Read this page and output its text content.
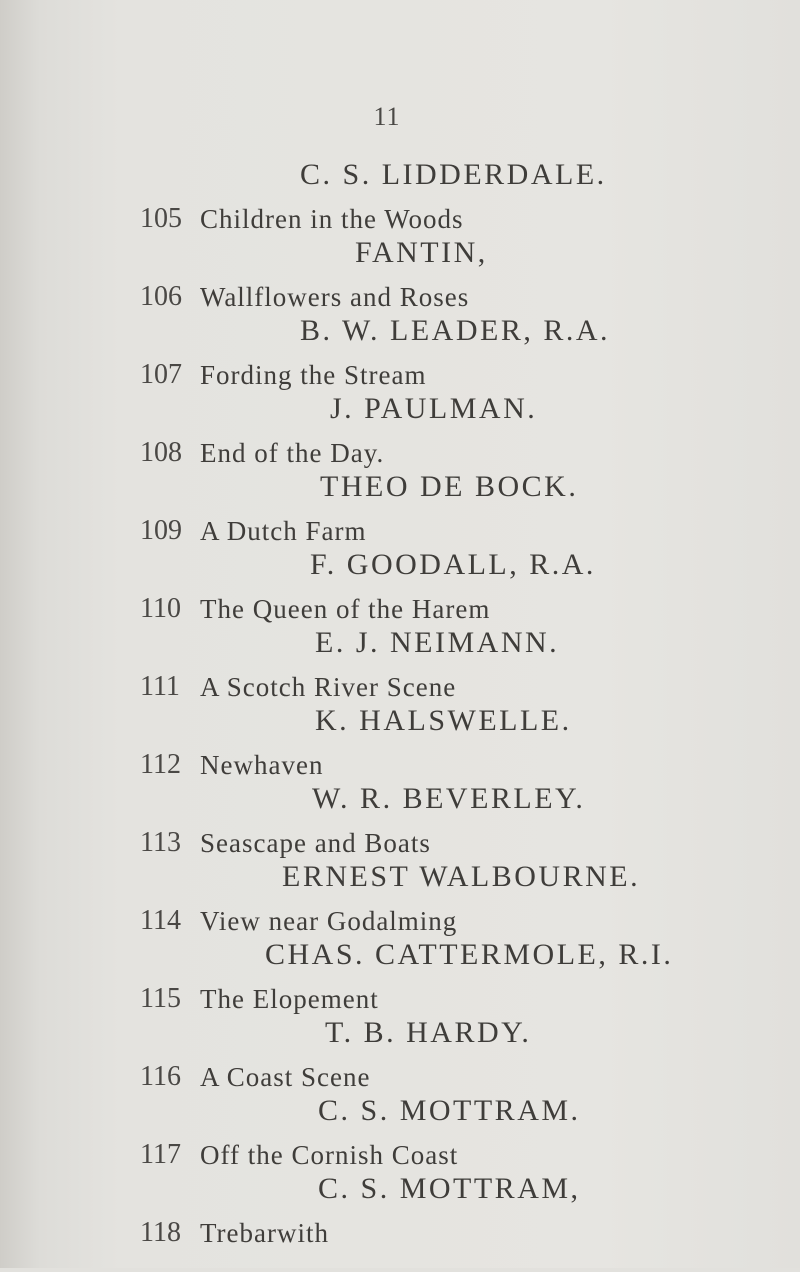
11
C. S. LIDDERDALE.
105 Children in the Woods
FANTIN,
106 Wallflowers and Roses
B. W. LEADER, R.A.
107 Fording the Stream
J. PAULMAN.
108 End of the Day.
THEO DE BOCK.
109 A Dutch Farm
F. GOODALL, R.A.
110 The Queen of the Harem
E. J. NEIMANN.
111 A Scotch River Scene
K. HALSWELLE.
112 Newhaven
W. R. BEVERLEY.
113 Seascape and Boats
ERNEST WALBOURNE.
114 View near Godalming
CHAS. CATTERMOLE, R.I.
115 The Elopement
T. B. HARDY.
116 A Coast Scene
C. S. MOTTRAM.
117 Off the Cornish Coast
C. S. MOTTRAM,
118 Trebarwith
